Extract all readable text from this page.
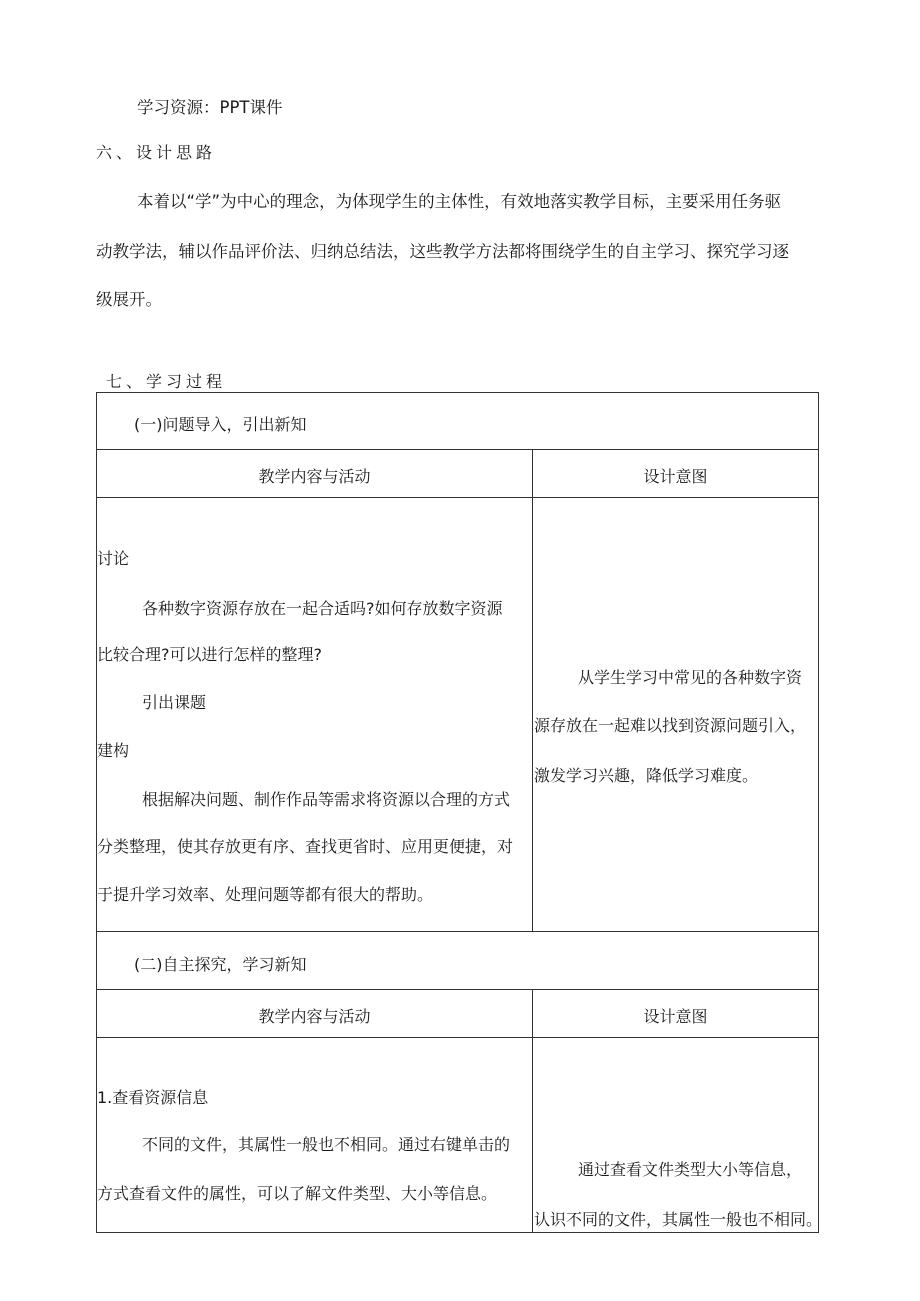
学习资源：PPT课件
六、设计思路
本着以“学”为中心的理念，为体现学生的主体性，有效地落实教学目标，主要采用任务驱
动教学法，辅以作品评价法、归纳总结法，这些教学方法都将围绕学生的自主学习、探究学习逐
级展开。
七、学习过程
(一)问题导入，引出新知
教学内容与活动	设计意图
讨论
各种数字资源存放在一起合适吗?如何存放数字资源
比较合理?可以进行怎样的整理?
引出课题
建构
根据解决问题、制作作品等需求将资源以合理的方式
分类整理，使其存放更有序、查找更省时、应用更便捷，对
于提升学习效率、处理问题等都有很大的帮助。
从学生学习中常见的各种数字资
源存放在一起难以找到资源问题引入，
激发学习兴趣，降低学习难度。
(二)自主探究，学习新知
教学内容与活动	设计意图
1.查看资源信息
不同的文件，其属性一般也不相同。通过右键单击的
方式查看文件的属性，可以了解文件类型、大小等信息。
通过查看文件类型大小等信息，
认识不同的文件，其属性一般也不相同。
